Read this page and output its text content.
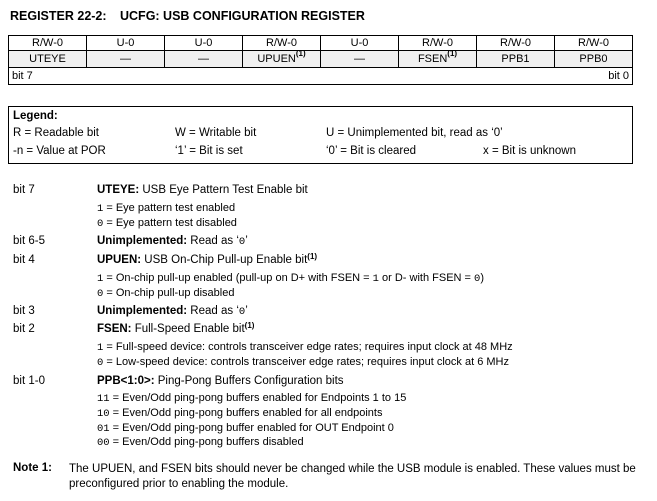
REGISTER 22-2: UCFG: USB CONFIGURATION REGISTER
R/W-0	U-0	U-0	R/W-0	U-0	R/W-0	R/W-0	R/W-0
UTEYE	—	—	UPUEN$^{(1)}$	—	FSEN$^{(1)}$	PPB1	PPB0
bit 7 bit 0							
Legend:
R = Readable bit	W = Writable bit	U = Unimplemented bit, read as ‘0’
-n = Value at POR	‘1’ = Bit is set	‘0’ = Bit is cleared	x = Bit is unknown
bit 7	UTEYE: USB Eye Pattern Test Enable bit
1 = Eye pattern test enabled
0 = Eye pattern test disabled
bit 6-5	Unimplemented: Read as ‘0’
bit 4	UPUEN: USB On-Chip Pull-up Enable bit$^{(1)}$
1 = On-chip pull-up enabled (pull-up on D+ with FSEN = 1 or D- with FSEN = 0)
0 = On-chip pull-up disabled
bit 3	Unimplemented: Read as ‘0’
bit 2	FSEN: Full-Speed Enable bit$^{(1)}$
1 = Full-speed device: controls transceiver edge rates; requires input clock at 48 MHz
0 = Low-speed device: controls transceiver edge rates; requires input clock at 6 MHz
bit 1-0	PPB<1:0>: Ping-Pong Buffers Configuration bits
11 = Even/Odd ping-pong buffers enabled for Endpoints 1 to 15
10 = Even/Odd ping-pong buffers enabled for all endpoints
01 = Even/Odd ping-pong buffer enabled for OUT Endpoint 0
00 = Even/Odd ping-pong buffers disabled
Note 1: The UPUEN, and FSEN bits should never be changed while the USB module is enabled. These values must be preconfigured prior to enabling the module.
